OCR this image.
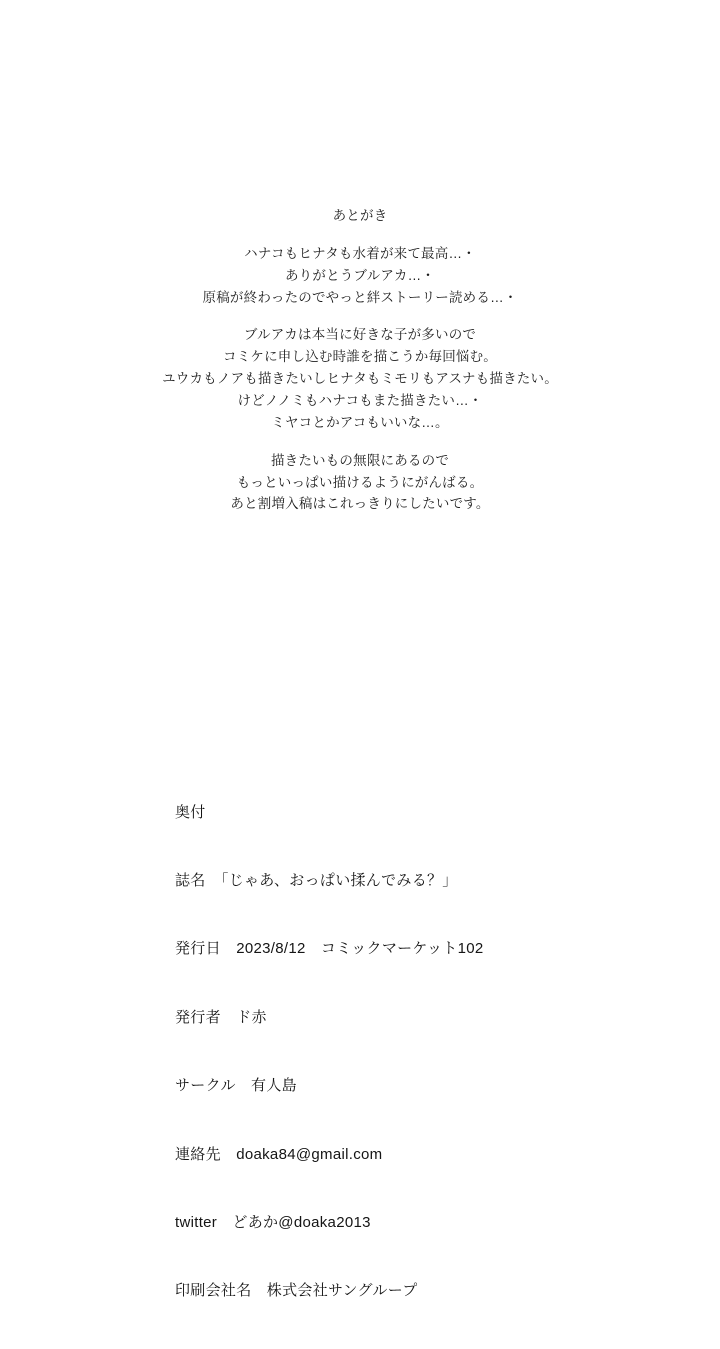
あとがき

ハナコもヒナタも水着が来て最高…・

ありがとうブルアカ…・

原稿が終わったのでやっと絆ストーリー読める…・

ブルアカは本当に好きな子が多いので

コミケに申し込む時誰を描こうか毎回悩む。

ユウカもノアも描きたいしヒナタもミモリもアスナも描きたい。

けどノノミもハナコもまた描きたい…・

ミヤコとかアコもいいな…。

描きたいもの無限にあるので

もっといっぱい描けるようにがんばる。

あと割増入稿はこれっきりにしたいです。

奥付

誌名　「じゃあ、おっぱい揉んでみる？」

発行日　2023/8/12　コミックマーケット102

発行者　ド赤

サークル　有人島

連絡先　doaka84@gmail.com

twitter　どあか@doaka2013

印刷会社名　株式会社サングループ
